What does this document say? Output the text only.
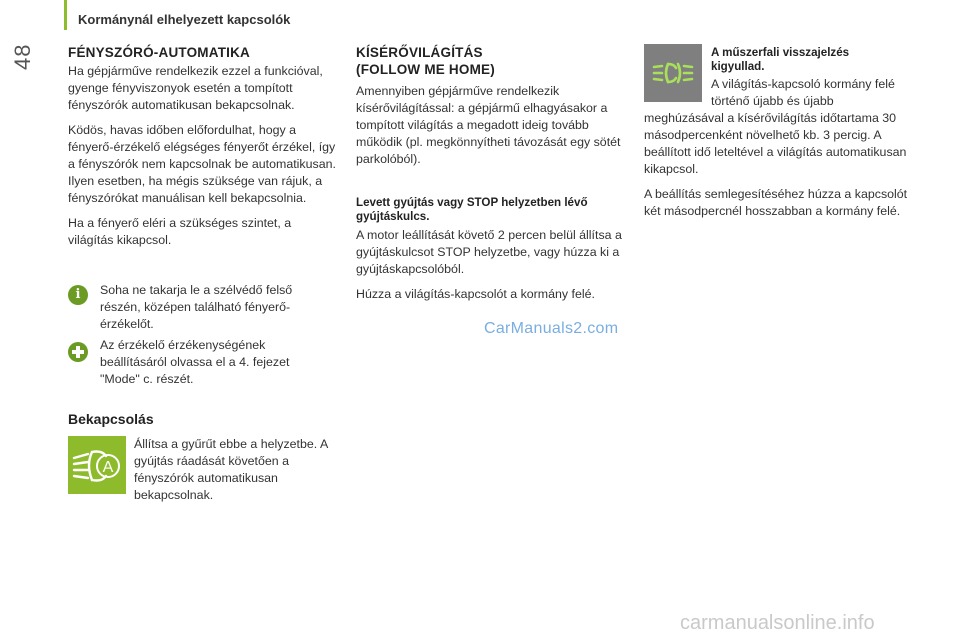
48
Kormánynál elhelyezett kapcsolók
FÉNYSZÓRÓ-AUTOMATIKA

Ha gépjárműve rendelkezik ezzel a funkcióval, gyenge fényviszonyok esetén a tompított fényszórók automatikusan bekapcsolnak.

Ködös, havas időben előfordulhat, hogy a fényerő-érzékelő elégséges fényerőt érzékel, így a fényszórók nem kapcsolnak be automatikusan. Ilyen esetben, ha mégis szüksége van rájuk, a fényszórókat manuálisan kell bekapcsolnia.

Ha a fényerő eléri a szükséges szintet, a világítás kikapcsol.

i	Soha ne takarja le a szélvédő felső részén, középen található fényerő-érzékelőt.
Az érzékelő érzékenységének beállításáról olvassa el a 4. fejezet "Mode" c. részét.
Bekapcsolás
A
Állítsa a gyűrűt ebbe a helyzetbe. A gyújtás ráadását követően a fényszórók automatikusan bekapcsolnak.
KÍSÉRŐVILÁGÍTÁS
(FOLLOW ME HOME)
Amennyiben gépjárműve rendelkezik kísérővilágítással: a gépjármű elhagyásakor a tompított világítás a megadott ideig tovább működik (pl. megkönnyítheti távozását egy sötét parkolóból).
Levett gyújtás vagy STOP helyzetben lévő gyújtáskulcs.

A motor leállítását követő 2 percen belül állítsa a gyújtáskulcsot STOP helyzetbe, vagy húzza ki a gyújtáskapcsolóból.

Húzza a világítás-kapcsolót a kormány felé.

A műszerfali visszajelzés kigyullad.
A világítás-kapcsoló kormány felé történő újabb és újabb

meghúzásával a kísérővilágítás időtartama 30 másodpercenként növelhető kb. 3 percig. A beállított idő leteltével a világítás automatikusan kikapcsol.

A beállítás semlegesítéséhez húzza a kapcsolót két másodpercnél hosszabban a kormány felé.

CarManuals2.com
carmanualsonline.info
